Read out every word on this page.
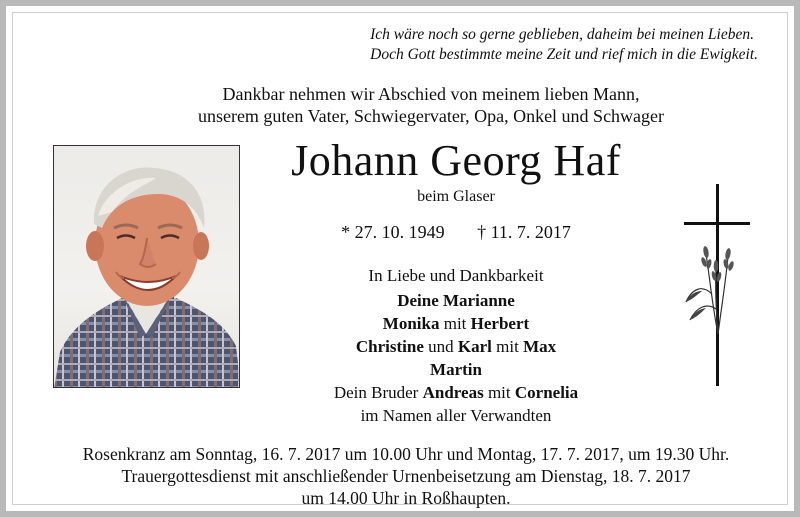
Ich wäre noch so gerne geblieben, daheim bei meinen Lieben.
Doch Gott bestimmte meine Zeit und rief mich in die Ewigkeit.
Dankbar nehmen wir Abschied von meinem lieben Mann,
unserem guten Vater, Schwiegervater, Opa, Onkel und Schwager
Johann Georg Haf
beim Glaser
* 27. 10. 1949 † 11. 7. 2017
In Liebe und Dankbarkeit
Deine Marianne
Monika mit Herbert
Christine und Karl mit Max
Martin
Dein Bruder Andreas mit Cornelia
im Namen aller Verwandten
Rosenkranz am Sonntag, 16. 7. 2017 um 10.00 Uhr und Montag, 17. 7. 2017, um 19.30 Uhr.
Trauergottesdienst mit anschließender Urnenbeisetzung am Dienstag, 18. 7. 2017
um 14.00 Uhr in Roßhaupten.
